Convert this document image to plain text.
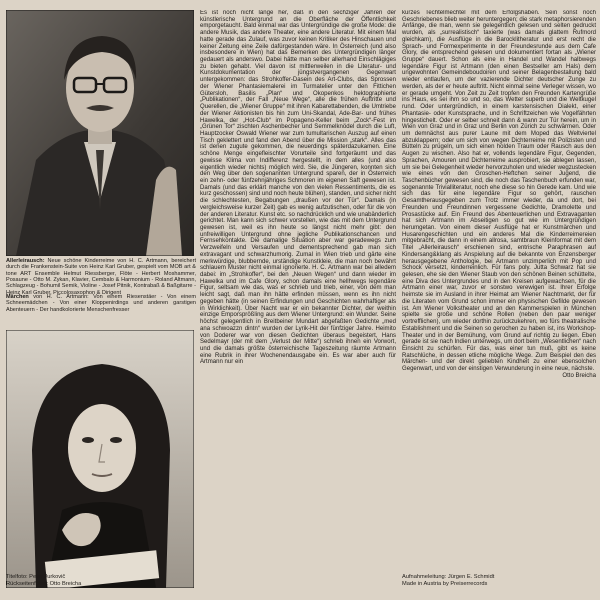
Allerleirausch: Neue schöne Kinderreime von H. C. Artmann, bereichert durch die Frankenstein-Suite von Heinz Karl Gruber, gespielt vom MOB art & tone ART Ensemble Helmut Riessberger, Flöte - Herbert Moshammer, Posaune - Otto M. Zykan, Klavier, Cembalo & Harmonium - Roland Altmann, Schlagzeug - Bohumil Semik, Violine - Josef Pitnik, Kontrabaß & Baßgitarre - Heinz Karl Gruber, Piccolosaxophon & Dirigent
Märchen von H. C. Artmann: Von einem Riesenstäer - Von einem Schneemädchen - Von einer Kloppenirdings und anderen garstigen Abenteuern - Der handkolorierte Menschenfresser

Es ist noch nicht lange her, daß in den sechziger Jahren der künstlerische Untergrund an die Oberfläche der Öffentlichkeit emporgetaucht. Bald einmal war das Untergründige die große Mode: die andere Musik, das andere Theater, eine andere Literatur. Mit einem Mal hatte gerade das Zulauf, was zuvor keinen Kritiker des Hinschauen und keiner Zeitung eine Zeile dafürgestanden wäre. In Österreich (und also insbesondere in Wien) hat das Bemerken des Untergründigen länger gedauert als anderswo. Dabei hätte man selber allerhand Einschlägiges zu bieten gehabt. Viel davon ist mittlerweilen in die Literatur- und Kunstdokumentation der jüngstvergangenen Gegenwart untergekommen: das Strohkoffer-Dasein des Art-Clubs, das Sprossen der Wiener Phantasiemalerei im Turmatelier unter den Fittichen Gütersloh, Basilis „Plan“ und Okopenkos hektographierte „Publikationen“, der Fall „Neue Wege“, alle die frühen Auftritte und Querellen, die „Wiener Gruppe“ mit ihren Kabarettabenden, die Umtriebe der Wiener Aktionisten bis hin zum Uni-Skandal, Ade-Bar- und frühes Hawelka, der „Hot-Club“ im Popageno-Keller beim „Zock“-Fest im „Grünen Tor“ zischten Aschenbecher und Semmelknödel durch die Luft, Hauptzocker Oswald Wiener war zum tumultarischen Auszug auf einen Tisch geklettert und fand den Abend über die Mission „stark“. Alles das ist denen zugute gekommen, die neuerdings späterdazukamen. Eine schöne Menge eingefleischter Vorurteile sind fortgeräumt und das gewisse Klima von Indifferenz hergestellt, in dem alles (und also eigentlich wieder nichts) möglich wird. Sie, die Jüngeren, konnten sich den Weg über den sogenannten Untergrund sparen, der in Österreich ein zehn- oder fünfzehnjähriges Schmoren im eigenen Saft gewesen ist. Damals (und das erklärt manche von den vielen Ressentiments, die es kurz geschossen) sind und noch heute blühen), standen, und sicher nicht die schlechtesten, Begabungen „draußen vor der Tür“. Damals (in vergleichsweise kurzer Zeit) gab es wenig aufzutischen, oder für die von der anderen Literatur. Kunst etc. so nachdrücklich und wie unabänderlich gerichtet. Man kann sich schwer vorstellen, wie das mit dem Untergrund gewesen ist, weil es ihn heute so längst nicht mehr gibt: den unfreiwilligen Untergrund ohne jegliche Publikationschancen und Fernsehkontakte. Die damalige Situation aber war geradewegs zum Verzweifeln und Versaufen und dementsprechend gab man sich extravagant und schwarzhumorig. Zumal in Wien trieb und gärte eine merkwürdige, blubbernde, urständige Kunstkleie, die man noch bewährt schlauem Muster nicht einmal ignorierte. H. C. Artmann war bei alledem dabei: im „Strohkoffer“, bei den „Neuen Wegen“ und dann wieder im Hawelka und im Cafe Glory, schon damals eine hellhwegs legendäre Figur, seltsam wie das, was er schrieb und trieb, einer, von dem man leicht sagt, daß man ihn hätte erfinden müssen, wenn es ihn nicht gegeben hätte (in seinen Erfindungen und Geschichten wahrhaftiger als in Wirklichkeit). Über Nacht war er ein bekannter Dichter, der weithin einzige Emporsprößling aus dem Wiener Untergrund: ein Wunder. Seine höchst gelegentlich in Breitbeiner Mundart abgefaßten Gedichte „med ana schwoazzn dintn“ wurden der Lyrik-Hit der fünfziger Jahre. Heimito von Doderer war von diesen Gedichten überaus begeistert, Hans Sedelmayr (der mit dem „Verlust der Mitte“) schrieb ihnen ein Vorwort, und die damals größte österreichische Tageszeitung räumte Artmann eine Rubrik in ihrer Wochenendausgabe ein. Es war aber auch für Artmann nur ein

kurzes Techtelmechtel mit dem Erfolgshaben. Sein sonst noch Geschriebenes blieb weiter heruntergegen; die stark metaphorsierenden Anfänge, die man, wenn sie gelegentlich gelesen und selten gedruckt wurden, als „surrealistisch“ taxierte (was damals glattem Rufmord gleichkam), die Ausflüge in die Barocklitheratur und erst recht die Sprach- und Formexperimente in der Freundesrunde aus dem Cafe Glory, die entsprechend gelesen und dokumentiert fortan als „Wiener Gruppe“ dauert. Schon als eine in Handel und Wandel halbwegs legendäre Figur ist Artmann (den einen Bestseller am Hals) dem ungewohnten Gemeindeboudoiren und seiner Belagenbestallung bald wieder entlaufen, um der vazierende Dichter deutscher Zunge zu werden, als der er heute auftritt. Nicht einmal seine Verleger wissen, wo er gerade umgeht. Von Zeit zu Zeit tropfen den Freunden Kartengrüße ins Haus, es sei ihm so und so, das Wetter superb und die Weltkugel rund. Oder untergründlich, in einem karstensischen Dialekt, einer Phantasie- oder Kunstsprache, und in Schriftzeichen wie Vogelfährten hingestichelt. Oder er selber schneit dann & wann zur Tür herein, um in Wien von Graz und in Graz und Berlin von Zürich zu schwärmen. Oder um demnächst aus purer Laune mit dem Moped das Weltviertel abzuklappern; oder um sich von wegen Dichterreime mit Polizisten und Bütteln zu prügeln, um sich einen holden Traum oder Rausch aus den Augen zu wischen. Also hat er, vollends legendäre Figur, Gegenden, Sprachen, Amouren und Dichterreime ausprobiert, sie ablegen lassen, um sie bei Gelegenheit wieder hervorzuholen und wieder wegzustecken wie eines von den Groschen-Heftchen seiner Jugend, die Taschenbücher gewesen sind, die noch das Taschenbuch erfunden war, sogenannte Trivialliteratur, noch ehe diese so hin Gerede kam. Und wie sich das für eine legendäre Figur so gehört, rauschen Gesamtherausgegeben zum Trotz immer wieder, da und dort, bei Freunden und Freundinnen vergessene Gedichte, Dramolette und Prosastücke auf. Ein Freund des Abenteuerlichen und Extravaganten hat sich Artmann im Abseitigen so gut wie im Untergründigen herumgetan. Von einem dieser Ausflüge hat er Kunstmärchen und Husarengeschichten und ein anderes Mal die Kinderreimereien mitgebracht, die dann in einem allrosa, samtbraun Kleinformat mit dem Titel „Allerleirausch“ erschienen sind, entrische Paraphrasen auf Kindersang&klang als Anspielung auf die bekannte von Enzensberger herausgegebene Anthologie, bei Artmann unzimperlich mit Pop und Schock versetzt, kinderreinlich. Für fans poly. Jutta Schwarz hat sie gelesen, ehe sie den Wiener Staub von den schönen Beinen schüttelte, eine Diva des Untergrundes und in den Kreisen aufgewachsen, für die Artmann einer war, zuvor er sonstwo verewigen ist. Ihrer Erfolge heimste sie im Ausland in ihrer Heimat am Wiener Nachtmarkt, der für die Literaten vom Grund schon immer ein physischen Gefilde gewesen ist. Am Wiener Volkstheater und an den Kammerspielen in München spielte sie große und schöne Rollen (neben den paar weniger vortrefflichen), um wieder dorthin zurückzukehren, wo fürs theatralische Establishment und die Seinen so gerochen zu haben ist, ins Workshop-Theater und in der Bemühung, vom Grund auf richtig zu liegen. Eben gerade ist sie nach Indien unterwegs, um dort beim „Wesentlichen“ nach Einsicht zu schürfen. Für das, was einer tun muß, gibt es keine Ratschlüche, in dessen etliche mögliche Wege. Zum Beispiel den des Märchen- und der direkt geliebten Kindheit zu einer ebensolchen Gegenwart, und von der einstigen Verwunderung in eine neue, nächste.

Otto Breicha

Titelfoto: Peter Jurkovič
Rückseitenfotos: Otto Breicha
Aufnahmeleitung: Jürgen E. Schmidt
Made in Austria by Preiserrecords
